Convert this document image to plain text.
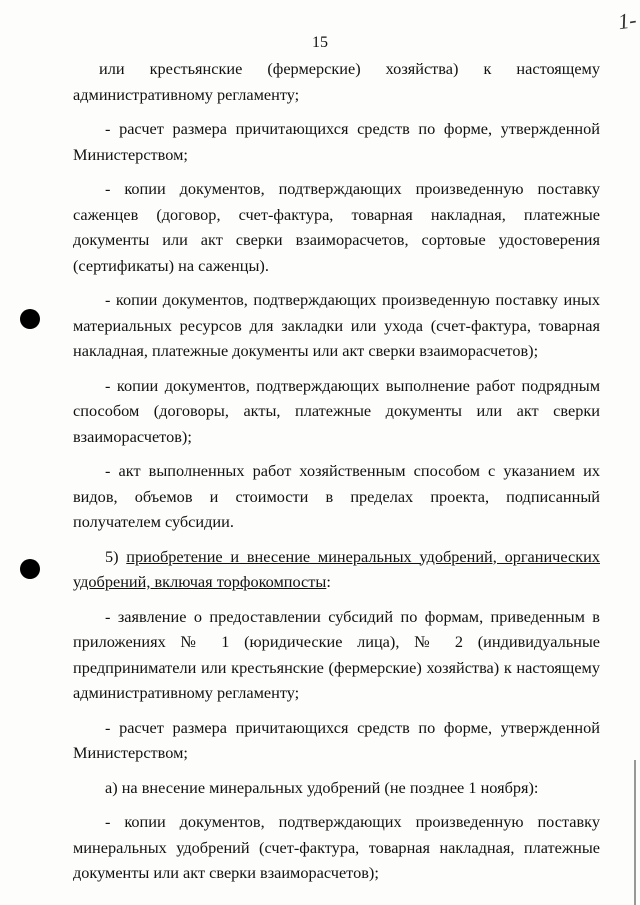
1-
15

или крестьянские (фермерские) хозяйства) к настоящему административному регламенту;

- расчет размера причитающихся средств по форме, утвержденной Министерством;

- копии документов, подтверждающих произведенную поставку саженцев (договор, счет-фактура, товарная накладная, платежные документы или акт сверки взаиморасчетов, сортовые удостоверения (сертификаты) на саженцы).

- копии документов, подтверждающих произведенную поставку иных материальных ресурсов для закладки или ухода (счет-фактура, товарная накладная, платежные документы или акт сверки взаиморасчетов);

- копии документов, подтверждающих выполнение работ подрядным способом (договоры, акты, платежные документы или акт сверки взаиморасчетов);

- акт выполненных работ хозяйственным способом с указанием их видов, объемов и стоимости в пределах проекта, подписанный получателем субсидии.

5) приобретение и внесение минеральных удобрений, органических удобрений, включая торфокомпосты:

- заявление о предоставлении субсидий по формам, приведенным в приложениях № 1 (юридические лица), № 2 (индивидуальные предприниматели или крестьянские (фермерские) хозяйства) к настоящему административному регламенту;

- расчет размера причитающихся средств по форме, утвержденной Министерством;

а) на внесение минеральных удобрений (не позднее 1 ноября):

- копии документов, подтверждающих произведенную поставку минеральных удобрений (счет-фактура, товарная накладная, платежные документы или акт сверки взаиморасчетов);
